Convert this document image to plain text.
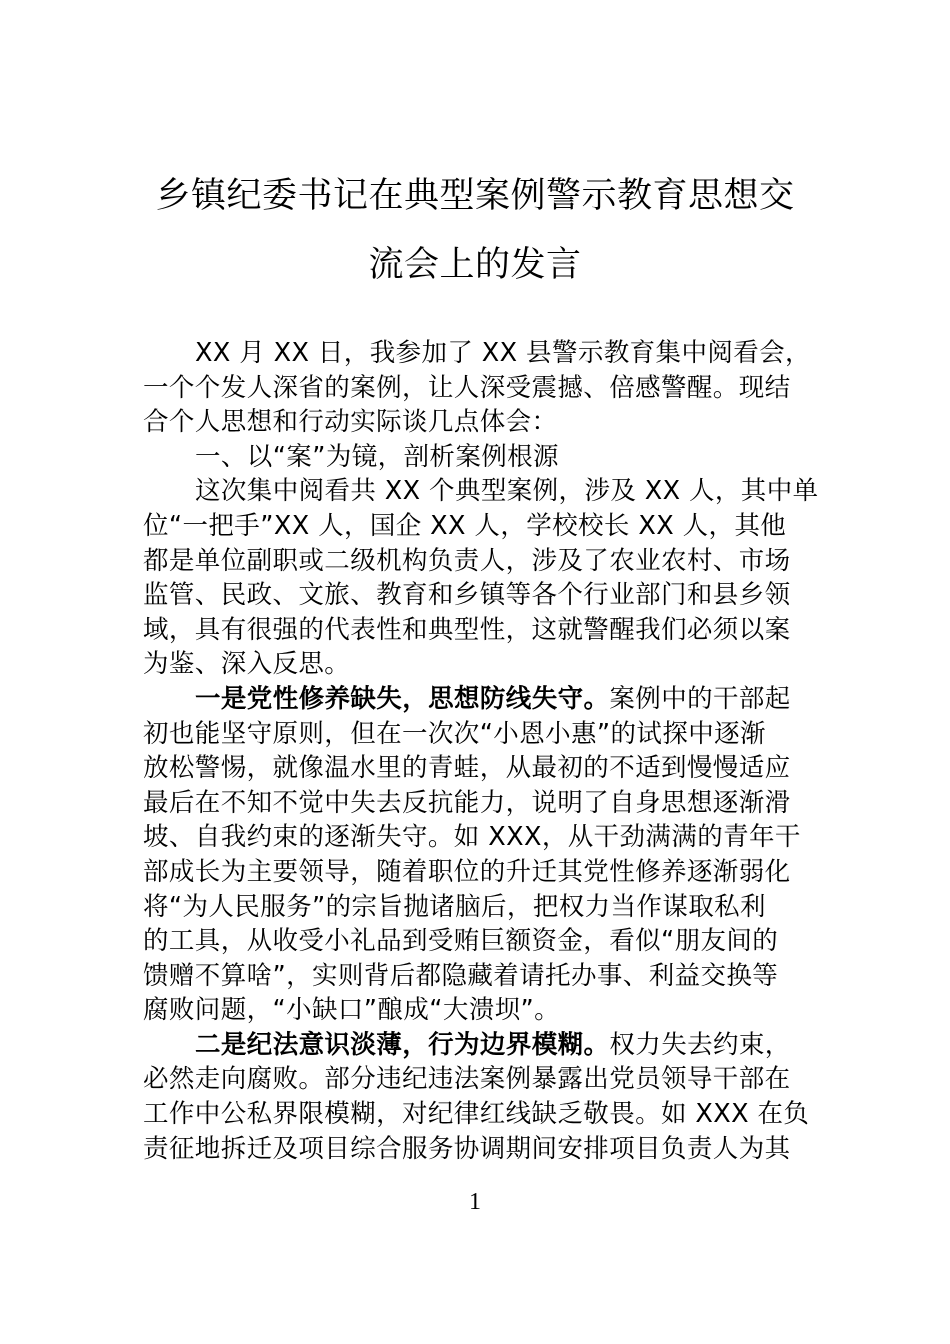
乡镇纪委书记在典型案例警示教育思想交
流会上的发言
XX 月 XX 日，我参加了 XX 县警示教育集中阅看会，
一个个发人深省的案例，让人深受震撼、倍感警醒。现结
合个人思想和行动实际谈几点体会：
一、以“案”为镜，剖析案例根源
这次集中阅看共 XX 个典型案例，涉及 XX 人，其中单
位“一把手”XX 人，国企 XX 人，学校校长 XX 人，其他
都是单位副职或二级机构负责人，涉及了农业农村、市场
监管、民政、文旅、教育和乡镇等各个行业部门和县乡领
域，具有很强的代表性和典型性，这就警醒我们必须以案
为鉴、深入反思。
一是党性修养缺失，思想防线失守。案例中的干部起
初也能坚守原则，但在一次次“小恩小惠”的试探中逐渐
放松警惕，就像温水里的青蛙，从最初的不适到慢慢适应
最后在不知不觉中失去反抗能力，说明了自身思想逐渐滑
坡、自我约束的逐渐失守。如 XXX，从干劲满满的青年干
部成长为主要领导，随着职位的升迁其党性修养逐渐弱化
将“为人民服务”的宗旨抛诸脑后，把权力当作谋取私利
的工具，从收受小礼品到受贿巨额资金，看似“朋友间的
馈赠不算啥”，实则背后都隐藏着请托办事、利益交换等
腐败问题，“小缺口”酿成“大溃坝”。
二是纪法意识淡薄，行为边界模糊。权力失去约束，
必然走向腐败。部分违纪违法案例暴露出党员领导干部在
工作中公私界限模糊，对纪律红线缺乏敬畏。如 XXX 在负
责征地拆迁及项目综合服务协调期间安排项目负责人为其
1
